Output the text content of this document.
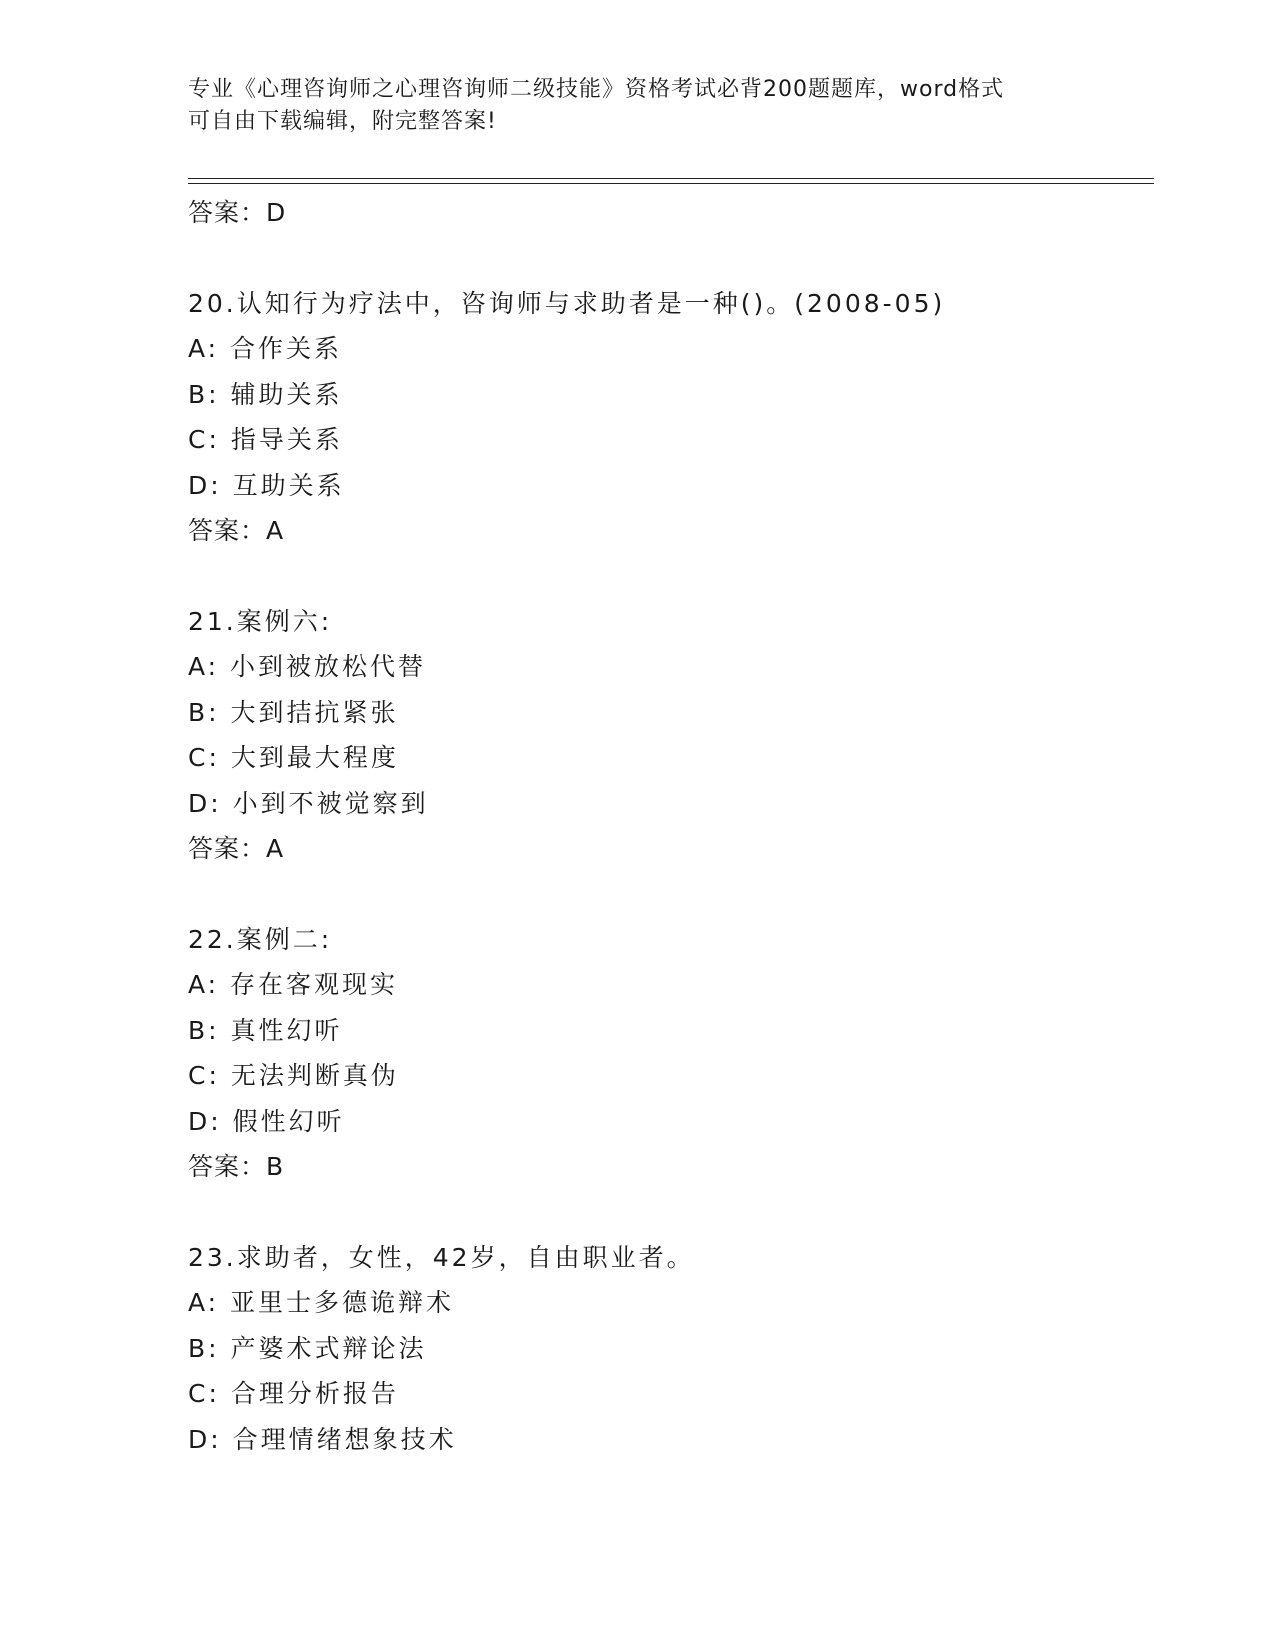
专业《心理咨询师之心理咨询师二级技能》资格考试必背200题题库，word格式
可自由下载编辑，附完整答案!
答案：D
20.认知行为疗法中，咨询师与求助者是一种()。(2008-05)
A: 合作关系
B: 辅助关系
C: 指导关系
D: 互助关系
答案：A
21.案例六:
A: 小到被放松代替
B: 大到拮抗紧张
C: 大到最大程度
D: 小到不被觉察到
答案：A
22.案例二:
A: 存在客观现实
B: 真性幻听
C: 无法判断真伪
D: 假性幻听
答案：B
23.求助者，女性，42岁，自由职业者。
A: 亚里士多德诡辩术
B: 产婆术式辩论法
C: 合理分析报告
D: 合理情绪想象技术
